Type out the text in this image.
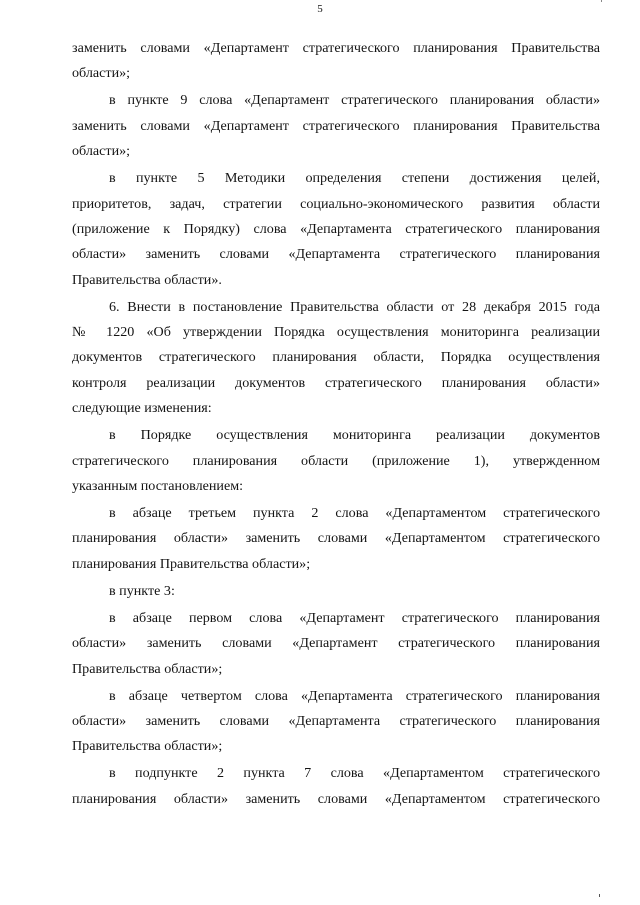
5
заменить словами «Департамент стратегического планирования Правительства
области»;
в пункте 9 слова «Департамент стратегического планирования области»
заменить словами «Департамент стратегического планирования Правительства
области»;
в пункте 5 Методики определения степени достижения целей,
приоритетов, задач, стратегии социально-экономического развития области
(приложение к Порядку) слова «Департамента стратегического планирования
области» заменить словами «Департамента стратегического планирования
Правительства области».
6. Внести в постановление Правительства области от 28 декабря 2015 года
№ 1220 «Об утверждении Порядка осуществления мониторинга реализации
документов стратегического планирования области, Порядка осуществления
контроля реализации документов стратегического планирования области»
следующие изменения:
в Порядке осуществления мониторинга реализации документов
стратегического планирования области (приложение 1), утвержденном
указанным постановлением:
в абзаце третьем пункта 2 слова «Департаментом стратегического
планирования области» заменить словами «Департаментом стратегического
планирования Правительства области»;
в пункте 3:
в абзаце первом слова «Департамент стратегического планирования
области» заменить словами «Департамент стратегического планирования
Правительства области»;
в абзаце четвертом слова «Департамента стратегического планирования
области» заменить словами «Департамента стратегического планирования
Правительства области»;
в подпункте 2 пункта 7 слова «Департаментом стратегического
планирования области» заменить словами «Департаментом стратегического
